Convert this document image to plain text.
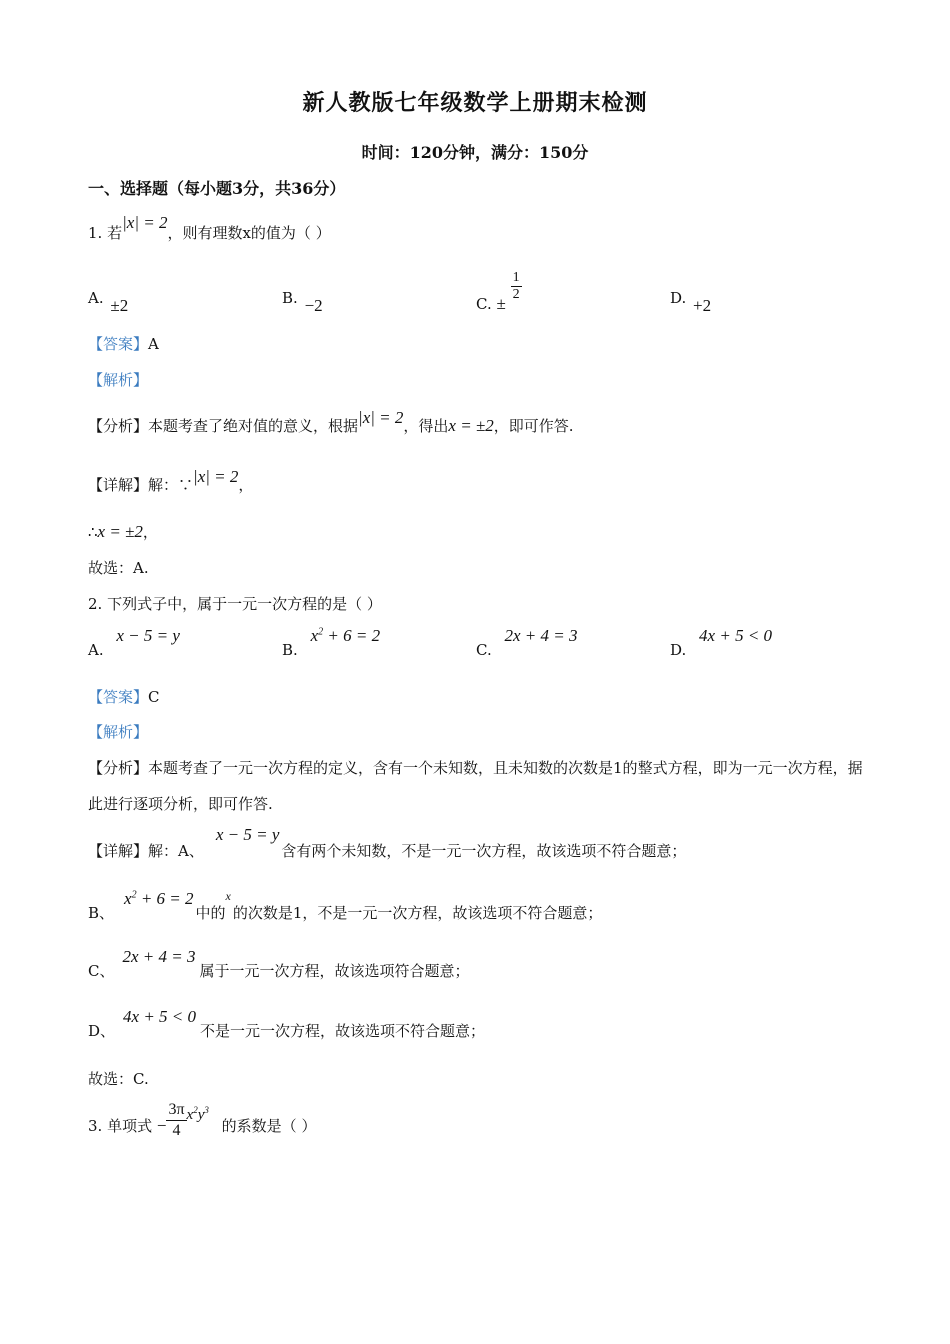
新人教版七年级数学上册期末检测
时间：120分钟，满分：150分
一、选择题（每小题3分，共36分）
1. 若|x| = 2，则有理数x的值为（ ）
A. ±2	B. −2	C. ± $\frac{1}{2}$	D. +2
【答案】A
【解析】
【分析】本题考查了绝对值的意义，根据|x| = 2，得出x = ±2，即可作答.
【详解】解：∵|x| = 2，
∴x = ±2，
故选：A.
2. 下列式子中，属于一元一次方程的是（ ）
A. x − 5 = y
B. $x^2 + 6 = 2$
C. 2x + 4 = 3
D. 4x + 5 < 0
【答案】C
【解析】
【分析】本题考查了一元一次方程的定义，含有一个未知数，且未知数的次数是1的整式方程，即为一元一次方程，据此进行逐项分析，即可作答.
【详解】解：A、x − 5 = y含有两个未知数，不是一元一次方程，故该选项不符合题意；
B、$x^2 + 6 = 2$中的$^x$的次数是1，不是一元一次方程，故该选项不符合题意；
C、2x + 4 = 3属于一元一次方程，故该选项符合题意；
D、4x + 5 < 0不是一元一次方程，故该选项不符合题意；
故选：C.
3. 单项式 − $\frac{3\pi}{4} x^2y^3$ 的系数是（ ）
